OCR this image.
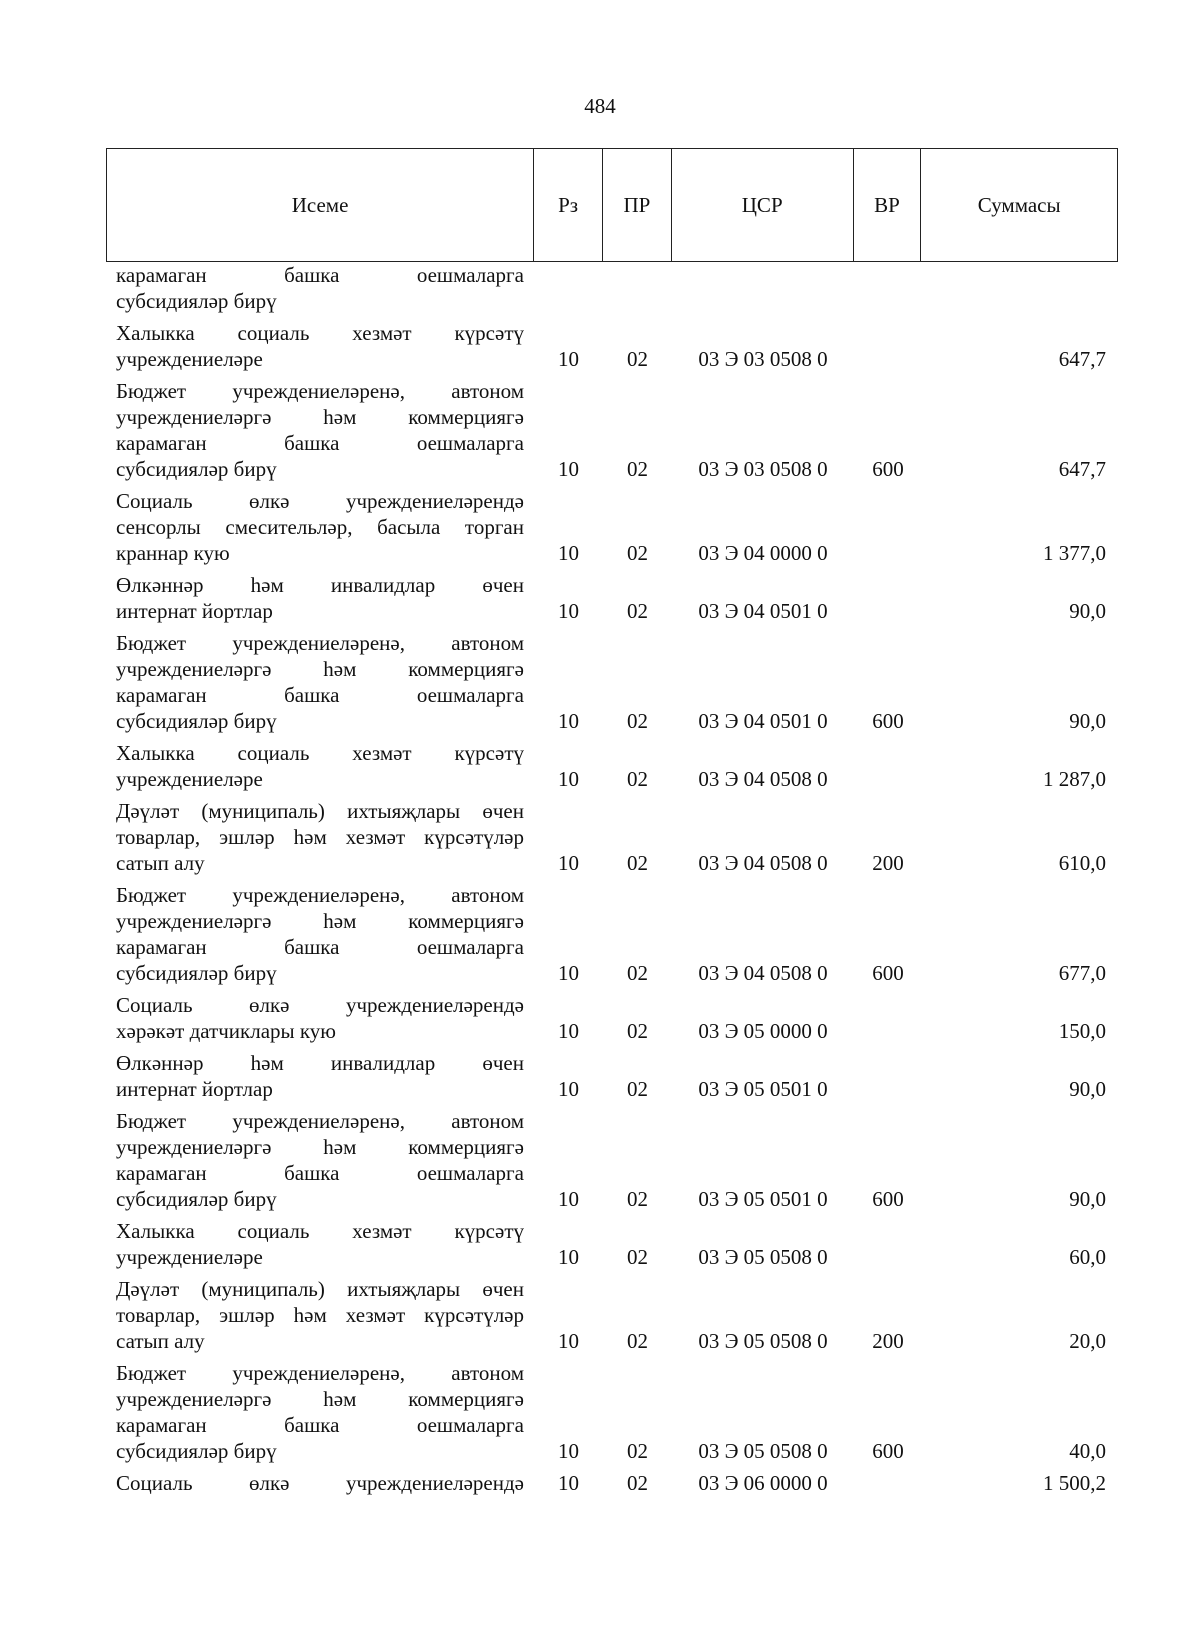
484
Исеме	Рз	ПР	ЦСР	ВР	Суммасы
карамаган башка оешмаларга
субсидияләр бирү
Халыкка социаль хезмәт күрсәтү
учреждениеләре	10	02	03 Э 03 0508 0	647,7
Бюджет учреждениеләренә, автоном
учреждениеләргә һәм коммерциягә
карамаган башка оешмаларга
субсидияләр бирү	10	02	03 Э 03 0508 0	600	647,7
Социаль өлкә учреждениеләрендә
сенсорлы смесительләр, басыла торган
краннар кую	10	02	03 Э 04 0000 0	1 377,0
Өлкәннәр һәм инвалидлар өчен
интернат йортлар	10	02	03 Э 04 0501 0	90,0
Бюджет учреждениеләренә, автоном
учреждениеләргә һәм коммерциягә
карамаган башка оешмаларга
субсидияләр бирү	10	02	03 Э 04 0501 0	600	90,0
Халыкка социаль хезмәт күрсәтү
учреждениеләре	10	02	03 Э 04 0508 0	1 287,0
Дәүләт (муниципаль) ихтыяҗлары өчен
товарлар, эшләр һәм хезмәт күрсәтүләр
сатып алу	10	02	03 Э 04 0508 0	200	610,0
Бюджет учреждениеләренә, автоном
учреждениеләргә һәм коммерциягә
карамаган башка оешмаларга
субсидияләр бирү	10	02	03 Э 04 0508 0	600	677,0
Социаль өлкә учреждениеләрендә
хәрәкәт датчиклары кую	10	02	03 Э 05 0000 0	150,0
Өлкәннәр һәм инвалидлар өчен
интернат йортлар	10	02	03 Э 05 0501 0	90,0
Бюджет учреждениеләренә, автоном
учреждениеләргә һәм коммерциягә
карамаган башка оешмаларга
субсидияләр бирү	10	02	03 Э 05 0501 0	600	90,0
Халыкка социаль хезмәт күрсәтү
учреждениеләре	10	02	03 Э 05 0508 0	60,0
Дәүләт (муниципаль) ихтыяҗлары өчен
товарлар, эшләр һәм хезмәт күрсәтүләр
сатып алу	10	02	03 Э 05 0508 0	200	20,0
Бюджет учреждениеләренә, автоном
учреждениеләргә һәм коммерциягә
карамаган башка оешмаларга
субсидияләр бирү	10	02	03 Э 05 0508 0	600	40,0
Социаль өлкә учреждениеләрендә	10	02	03 Э 06 0000 0	1 500,2
